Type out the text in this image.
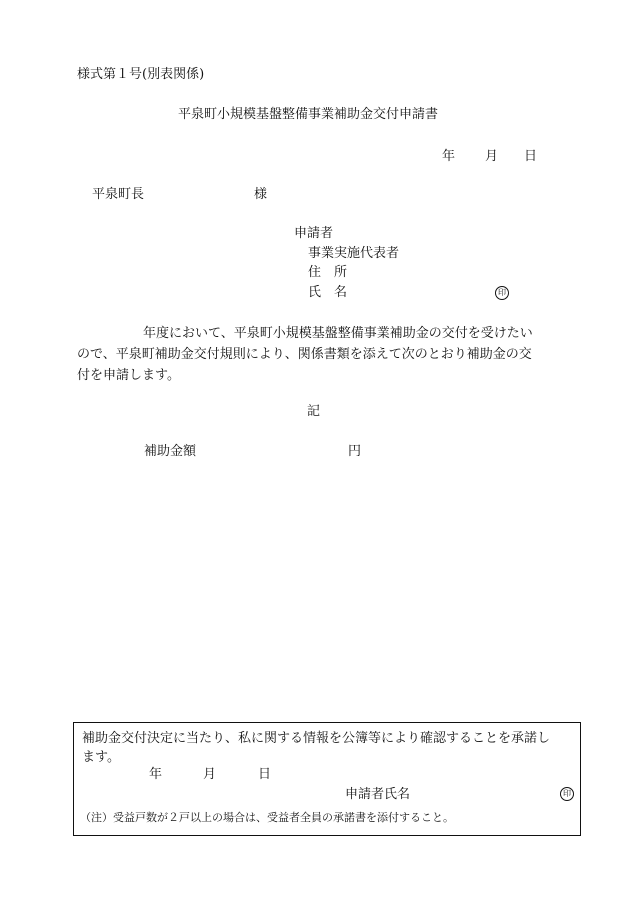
様式第１号(別表関係)
平泉町小規模基盤整備事業補助金交付申請書
年 月 日
平泉町長	様
申請者
事業実施代表者
住　所
氏　名	印
年度において、平泉町小規模基盤整備事業補助金の交付を受けたい
ので、平泉町補助金交付規則により、関係書類を添えて次のとおり補助金の交
付を申請します。
記
補助金額	円
補助金交付決定に当たり、私に関する情報を公簿等により確認することを承諾し
ます。
年	月	日
申請者氏名	印
（注）受益戸数が２戸以上の場合は、受益者全員の承諾書を添付すること。
